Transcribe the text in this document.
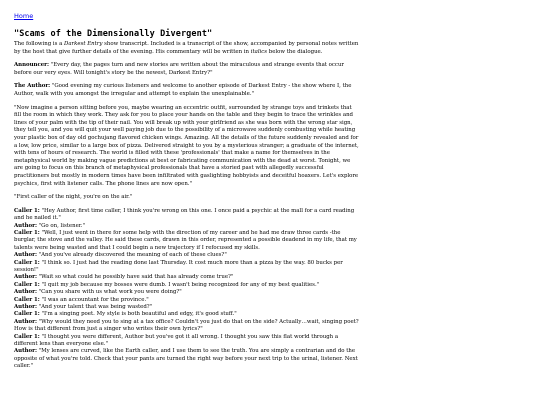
Home
"Scams of the Dimensionally Divergent"

The following is a Darkest Entry show transcript. Included is a transcript of the show, accompanied by personal notes written by the host that give further details of the evening. His commentary will be written in italics below the dialogue.

Announcer: "Every day, the pages turn and new stories are written about the miraculous and strange events that occur before our very eyes. Will tonight's story be the newest, Darkest Entry?"

The Author: "Good evening my curious listeners and welcome to another episode of Darkest Entry - the show where I, the Author, walk with you amongst the irregular and attempt to explain the unexplainable."

"Now imagine a person sitting before you, maybe wearing an eccentric outfit, surrounded by strange toys and trinkets that fill the room in which they work. They ask for you to place your hands on the table and they begin to trace the wrinkles and lines of your palm with the tip of their nail. You will break up with your girlfriend as she was born with the wrong star sign, they tell you, and you will quit your well paying job due to the possibility of a microwave suddenly combusting while heating your plastic box of day old gochujang flavored chicken wings. Amazing. All the details of the future suddenly revealed and for a low, low price, similar to a large box of pizza. Delivered straight to you by a mysterious stranger; a graduate of the internet, with tens of hours of research. The world is filled with these 'professionals' that make a name for themselves in the metaphysical world by making vague predictions at best or fabricating communication with the dead at worst. Tonight, we are going to focus on this branch of metaphysical professionals that have a storied past with allegedly successful practitioners but mostly in modern times have been infiltrated with gaslighting hobbyists and deceitful hoaxers. Let's explore psychics, first with listener calls. The phone lines are now open."

"First caller of the night, you're on the air."

Caller 1: "Hey Author, first time caller, I think you're wrong on this one. I once paid a psychic at the mall for a card reading and he nailed it."
Author: "Go on, listener."
Caller 1: "Well, I just went in there for some help with the direction of my career and he had me draw three cards -the burglar, the stove and the valley. He said these cards, drawn in this order, represented a possible deadend in my life, that my talents were being wasted and that I could begin a new trajectory if I refocused my skills.
Author: "And you've already discovered the meaning of each of these clues?"
Caller 1: "I think so. I just had the reading done last Thursday. It cost much more than a pizza by the way. 80 bucks per session!"
Author: "Wait so what could he possibly have said that has already come true?"
Caller 1: "I quit my job because my bosses were dumb. I wasn't being recognized for any of my best qualities."
Author: "Can you share with us what work you were doing?"
Caller 1: "I was an accountant for the province."
Author: "And your talent that was being wasted?"
Caller 1: "I'm a singing poet. My style is both beautiful and edgy, it's good stuff."
Author: "Why would they need you to sing at a tax office? Couldn't you just do that on the side? Actually…wait, singing poet? How is that different from just a singer who writes their own lyrics?"
Caller 1: "I thought you were different, Author but you've got it all wrong. I thought you saw this flat world through a different lens than everyone else."
Author: "My lenses are curved, like the Earth caller, and I use them to see the truth. You are simply a contrarian and do the opposite of what you're told. Check that your pants are turned the right way before your next trip to the urinal, listener. Next caller."
